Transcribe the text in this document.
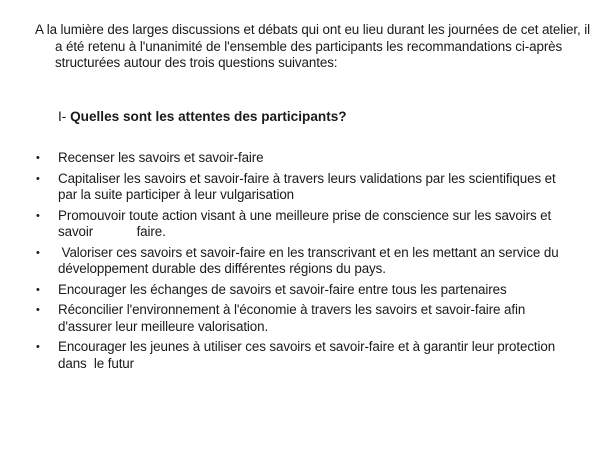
A la lumière des larges discussions et débats qui ont eu lieu durant les journées de cet atelier, il a été retenu à l'unanimité de l'ensemble des participants les recommandations ci-après structurées autour des trois questions suivantes:
I- Quelles sont les attentes des participants?
• Recenser les savoirs et savoir-faire
• Capitaliser les savoirs et savoir-faire à travers leurs validations par les scientifiques et par la suite participer à leur vulgarisation
• Promouvoir toute action visant à une meilleure prise de conscience sur les savoirs et savoir            faire.
• Valoriser ces savoirs et savoir-faire en les transcrivant et en les mettant an service du        développement durable des différentes régions du pays.
• Encourager les échanges de savoirs et savoir-faire entre tous les partenaires
• Réconcilier l'environnement à l'économie à travers les savoirs et savoir-faire afin d'assurer leur meilleure valorisation.
• Encourager les jeunes à utiliser ces savoirs et savoir-faire et à garantir leur protection dans  le futur
